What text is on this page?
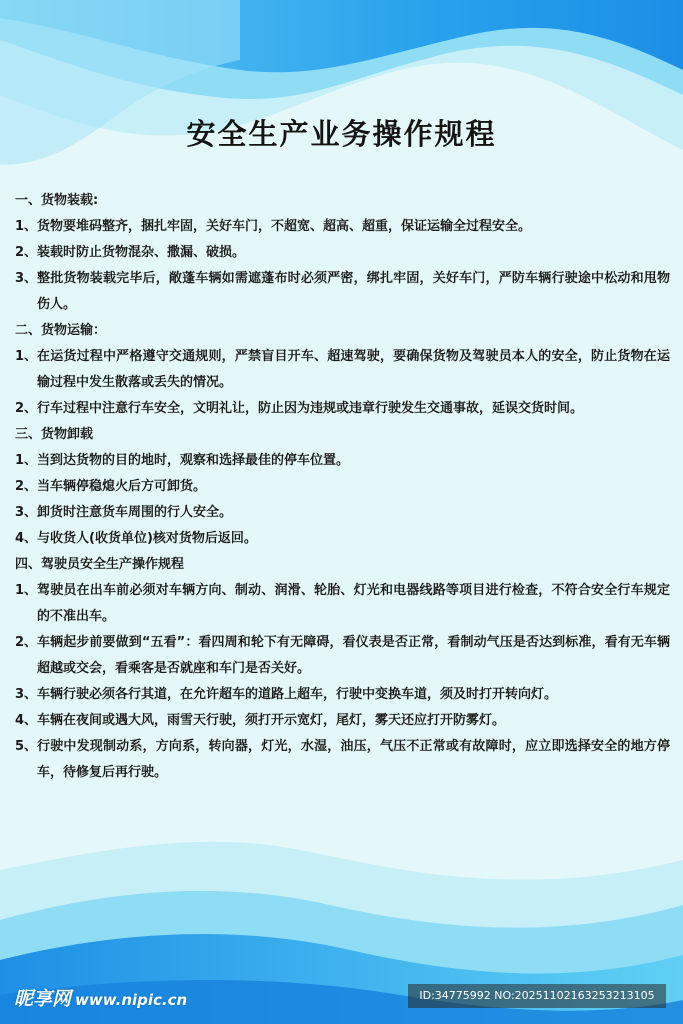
安全生产业务操作规程
一、货物装载:
1、 货物要堆码整齐，捆扎牢固，关好车门，不超宽、超高、超重，保证运输全过程安全。
2、 装载时防止货物混杂、撒漏、破损。
3、 整批货物装载完毕后，敞蓬车辆如需遮蓬布时必须严密，绑扎牢固，关好车门，严防车辆行驶途中松动和甩物伤人。
二、货物运输：
1、 在运货过程中严格遵守交通规则，严禁盲目开车、超速驾驶，要确保货物及驾驶员本人的安全，防止货物在运输过程中发生散落或丢失的情况。
2、 行车过程中注意行车安全，文明礼让，防止因为违规或违章行驶发生交通事故，延误交货时间。
三、货物卸载
1、 当到达货物的目的地时，观察和选择最佳的停车位置。
2、 当车辆停稳熄火后方可卸货。
3、 卸货时注意货车周围的行人安全。
4、 与收货人(收货单位)核对货物后返回。
四、驾驶员安全生产操作规程
1、 驾驶员在出车前必须对车辆方向、制动、润滑、轮胎、灯光和电器线路等项目进行检查，不符合安全行车规定的不准出车。
2、 车辆起步前要做到“五看”：看四周和轮下有无障碍，看仪表是否正常，看制动气压是否达到标准，看有无车辆超越或交会，看乘客是否就座和车门是否关好。
3、 车辆行驶必须各行其道，在允许超车的道路上超车，行驶中变换车道，须及时打开转向灯。
4、 车辆在夜间或遇大风，雨雪天行驶，须打开示宽灯，尾灯，雾天还应打开防雾灯。
5、 行驶中发现制动系，方向系，转向器，灯光，水湿，油压，气压不正常或有故障时，应立即选择安全的地方停车，待修复后再行驶。
昵享网 www.nipic.cn	ID:34775992 NO:20251102163253213105
